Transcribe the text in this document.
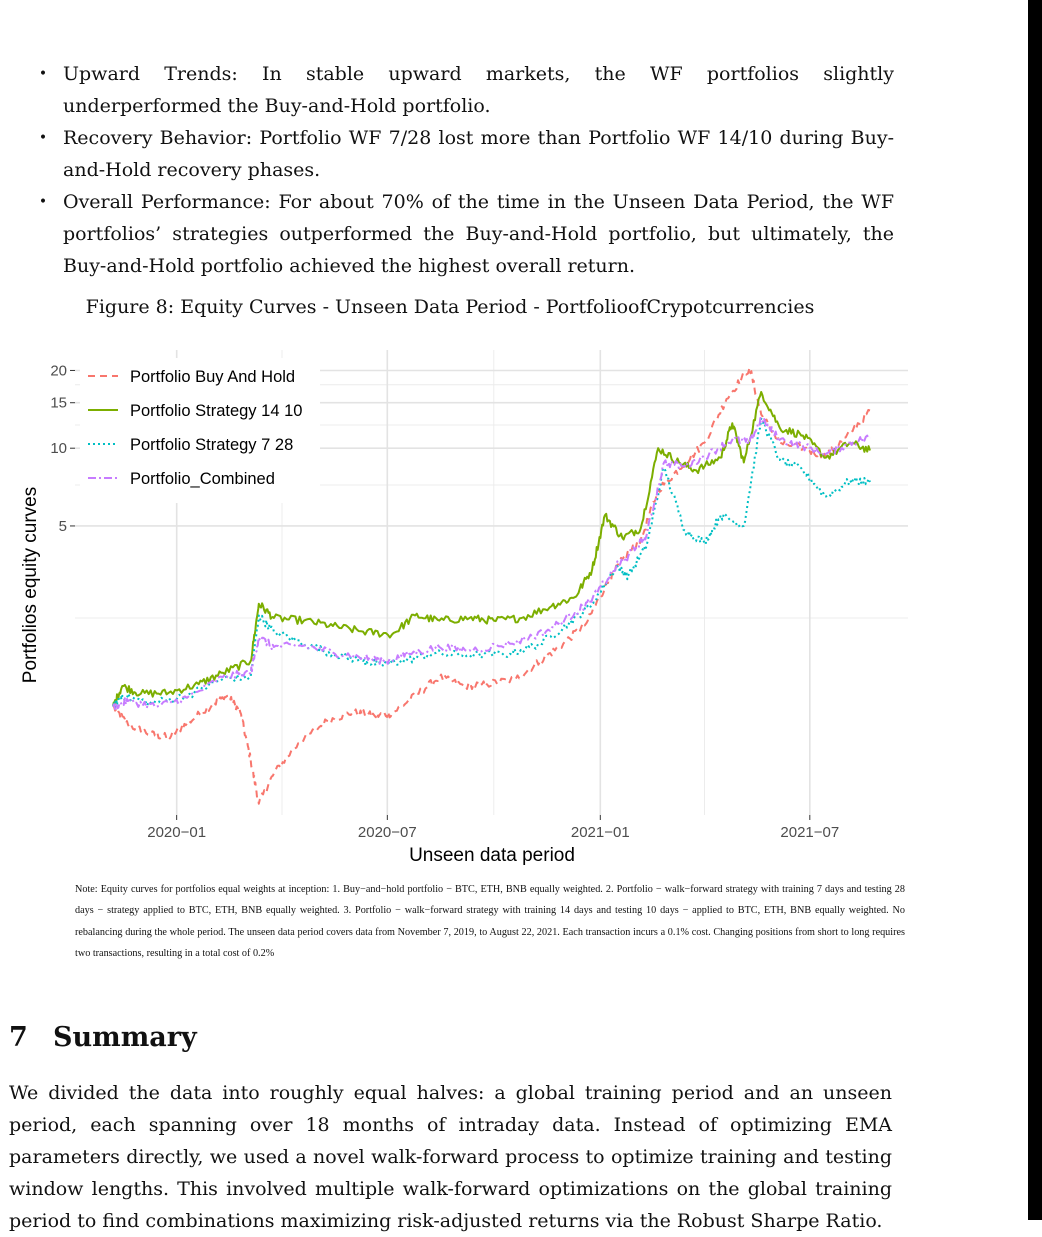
• Upward Trends: In stable upward markets, the WF portfolios slightly underperformed the Buy-and-Hold portfolio.
• Recovery Behavior: Portfolio WF 7/28 lost more than Portfolio WF 14/10 during Buy-and-Hold recovery phases.
• Overall Performance: For about 70% of the time in the Unseen Data Period, the WF portfolios’ strategies outperformed the Buy-and-Hold portfolio, but ultimately, the Buy-and-Hold portfolio achieved the highest overall return.
Figure 8: Equity Curves - Unseen Data Period - PortfolioofCrypotcurrencies
Portfolio Buy And Hold
Portfolio Strategy 14 10
Portfolio Strategy 7 28
Portfolio_Combined
2020−01	2020−07	2021−01	2021−07
5
10
15
20
Unseen data period
Portfolios equity curves

Note: Equity curves for portfolios equal weights at inception: 1. Buy−and−hold portfolio − BTC, ETH, BNB equally weighted. 2. Portfolio − walk−forward strategy with training 7 days and testing 28 days − strategy applied to BTC, ETH, BNB equally weighted. 3. Portfolio − walk−forward strategy with training 14 days and testing 10 days − applied to BTC, ETH, BNB equally weighted. No rebalancing during the whole period. The unseen data period covers data from November 7, 2019, to August 22, 2021. Each transaction incurs a 0.1% cost. Changing positions from short to long requires two transactions, resulting in a total cost of 0.2%

7 Summary

We divided the data into roughly equal halves: a global training period and an unseen period, each spanning over 18 months of intraday data. Instead of optimizing EMA parameters directly, we used a novel walk-forward process to optimize training and testing window lengths. This involved multiple walk-forward optimizations on the global training period to find combinations maximizing risk-adjusted returns via the Robust Sharpe Ratio.
